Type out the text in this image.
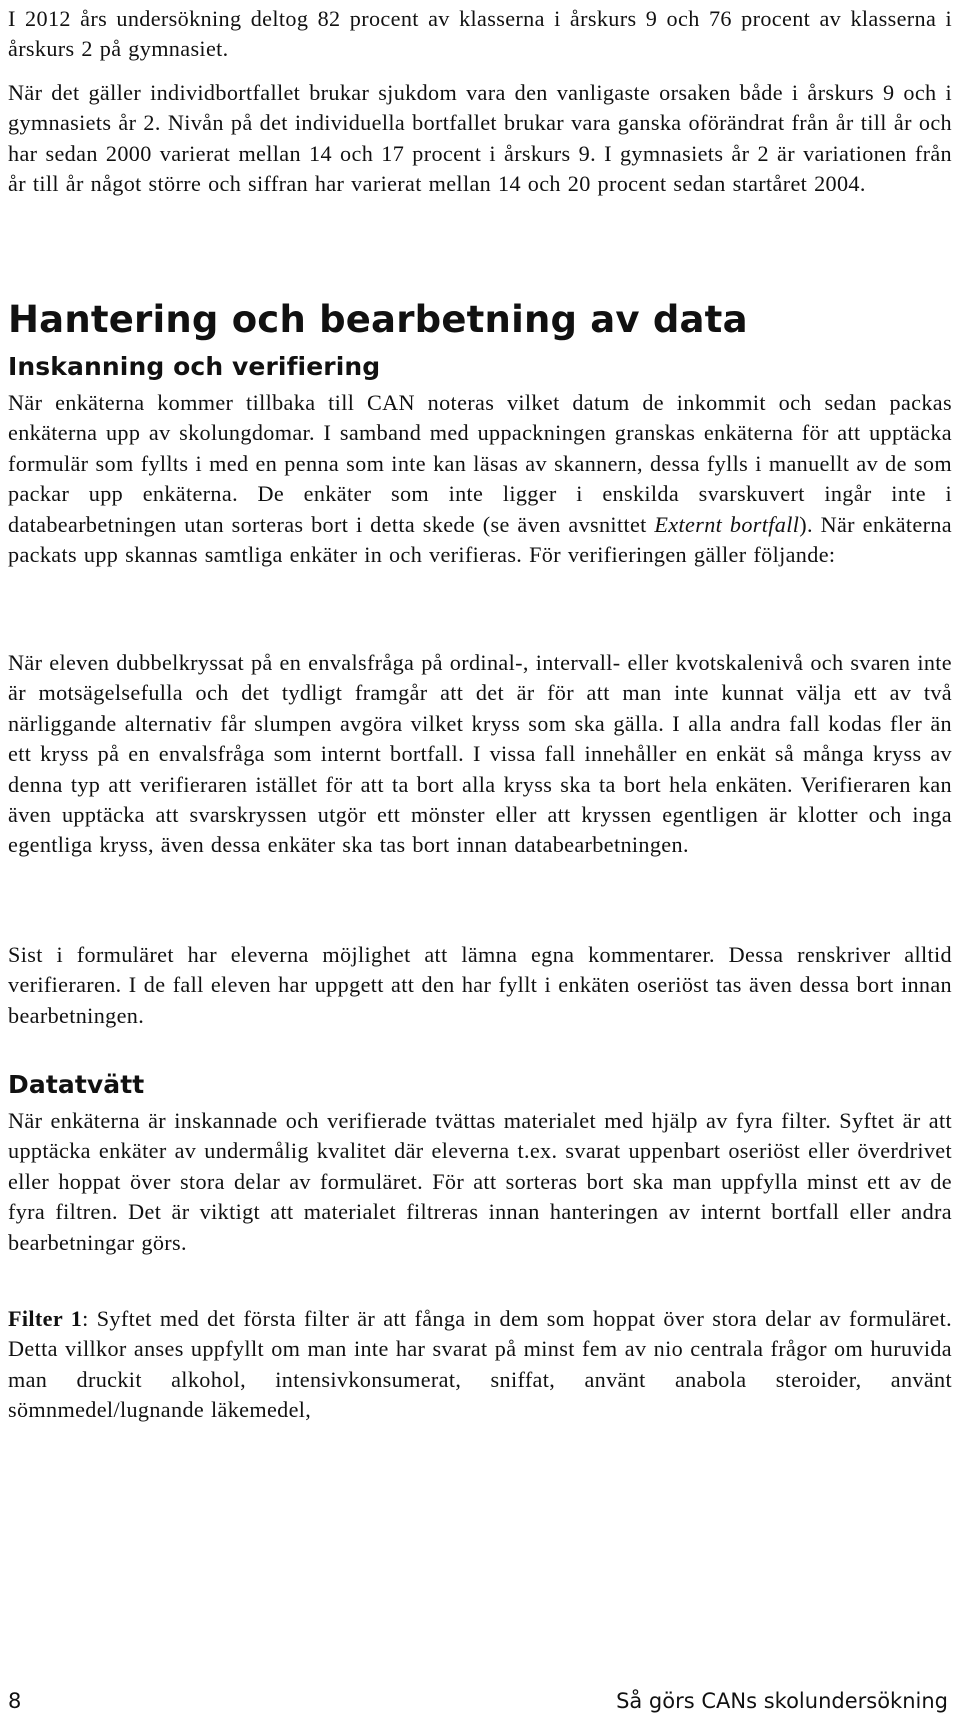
I 2012 års undersökning deltog 82 procent av klasserna i årskurs 9 och 76 procent av klasserna i årskurs 2 på gymnasiet.

När det gäller individbortfallet brukar sjukdom vara den vanligaste orsaken både i årskurs 9 och i gymnasiets år 2. Nivån på det individuella bortfallet brukar vara ganska oförändrat från år till år och har sedan 2000 varierat mellan 14 och 17 procent i årskurs 9. I gymnasiets år 2 är variationen från år till år något större och siffran har varierat mellan 14 och 20 procent sedan startåret 2004.

Hantering och bearbetning av data
Inskanning och verifiering

När enkäterna kommer tillbaka till CAN noteras vilket datum de inkommit och sedan packas enkäterna upp av skolungdomar. I samband med uppackningen granskas enkäterna för att upptäcka formulär som fyllts i med en penna som inte kan läsas av skannern, dessa fylls i manuellt av de som packar upp enkäterna. De enkäter som inte ligger i enskilda svarskuvert ingår inte i databearbetningen utan sorteras bort i detta skede (se även avsnittet Externt bortfall). När enkäterna packats upp skannas samtliga enkäter in och verifieras. För verifieringen gäller följande:

När eleven dubbelkryssat på en envalsfråga på ordinal-, intervall- eller kvotskalenivå och svaren inte är motsägelsefulla och det tydligt framgår att det är för att man inte kunnat välja ett av två närliggande alternativ får slumpen avgöra vilket kryss som ska gälla. I alla andra fall kodas fler än ett kryss på en envalsfråga som internt bortfall. I vissa fall innehåller en enkät så många kryss av denna typ att verifieraren istället för att ta bort alla kryss ska ta bort hela enkäten. Verifieraren kan även upptäcka att svarskryssen utgör ett mönster eller att kryssen egentligen är klotter och inga egentliga kryss, även dessa enkäter ska tas bort innan databearbetningen.

Sist i formuläret har eleverna möjlighet att lämna egna kommentarer. Dessa renskriver alltid verifieraren. I de fall eleven har uppgett att den har fyllt i enkäten oseriöst tas även dessa bort innan bearbetningen.

Datatvätt

När enkäterna är inskannade och verifierade tvättas materialet med hjälp av fyra filter. Syftet är att upptäcka enkäter av undermålig kvalitet där eleverna t.ex. svarat uppenbart oseriöst eller överdrivet eller hoppat över stora delar av formuläret. För att sorteras bort ska man uppfylla minst ett av de fyra filtren. Det är viktigt att materialet filtreras innan hanteringen av internt bortfall eller andra bearbetningar görs.

Filter 1: Syftet med det första filter är att fånga in dem som hoppat över stora delar av formuläret. Detta villkor anses uppfyllt om man inte har svarat på minst fem av nio centrala frågor om huruvida man druckit alkohol, intensivkonsumerat, sniffat, använt anabola steroider, använt sömnmedel/lugnande läkemedel,

8	Så görs CANs skolundersökning
